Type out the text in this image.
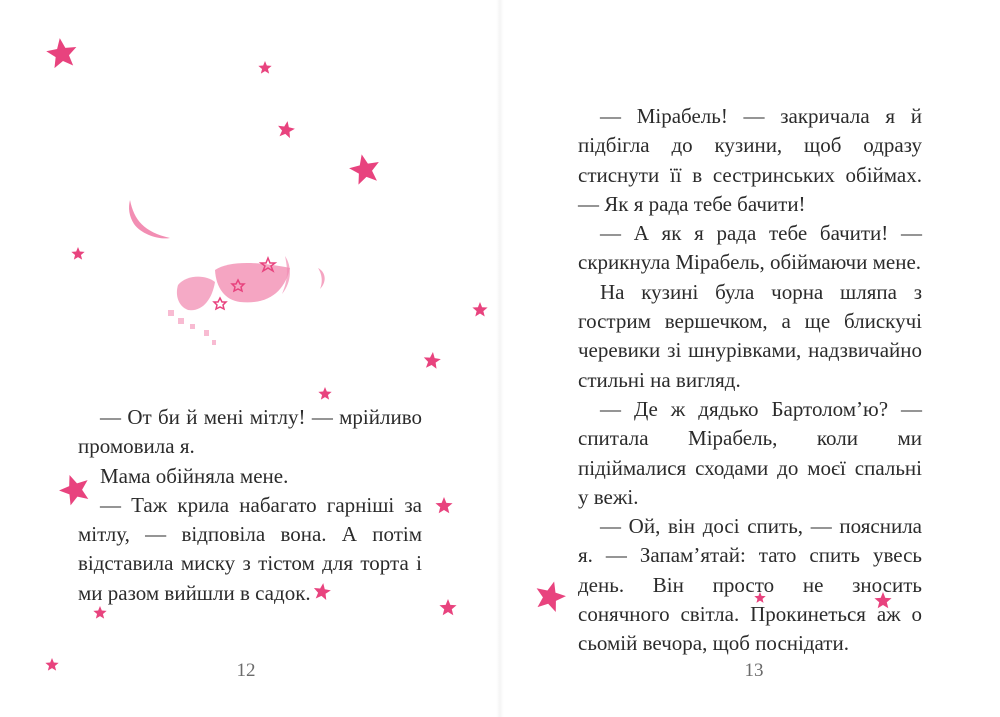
— От би й мені мітлу! — мрійливо промовила я.

Мама обійняла мене.

— Таж крила набагато гарніші за мітлу, — відповіла вона. А потім відставила миску з тістом для торта і ми разом вийшли в садок.

12

— Мірабель! — закричала я й підбігла до кузини, щоб одразу стиснути її в сестринських обіймах. — Як я рада тебе бачити!

— А як я рада тебе бачити! — скрикнула Мірабель, обіймаючи мене.

На кузині була чорна шляпа з гострим вершечком, а ще блискучі черевики зі шнурівками, надзвичайно стильні на вигляд.

— Де ж дядько Бартоломʼю? — спитала Мірабель, коли ми підіймалися сходами до моєї спальні у вежі.

— Ой, він досі спить, — пояснила я. — Запамʼятай: тато спить увесь день. Він просто не зносить сонячного світла. Прокинеться аж о сьомій вечора, щоб поснідати.

13
